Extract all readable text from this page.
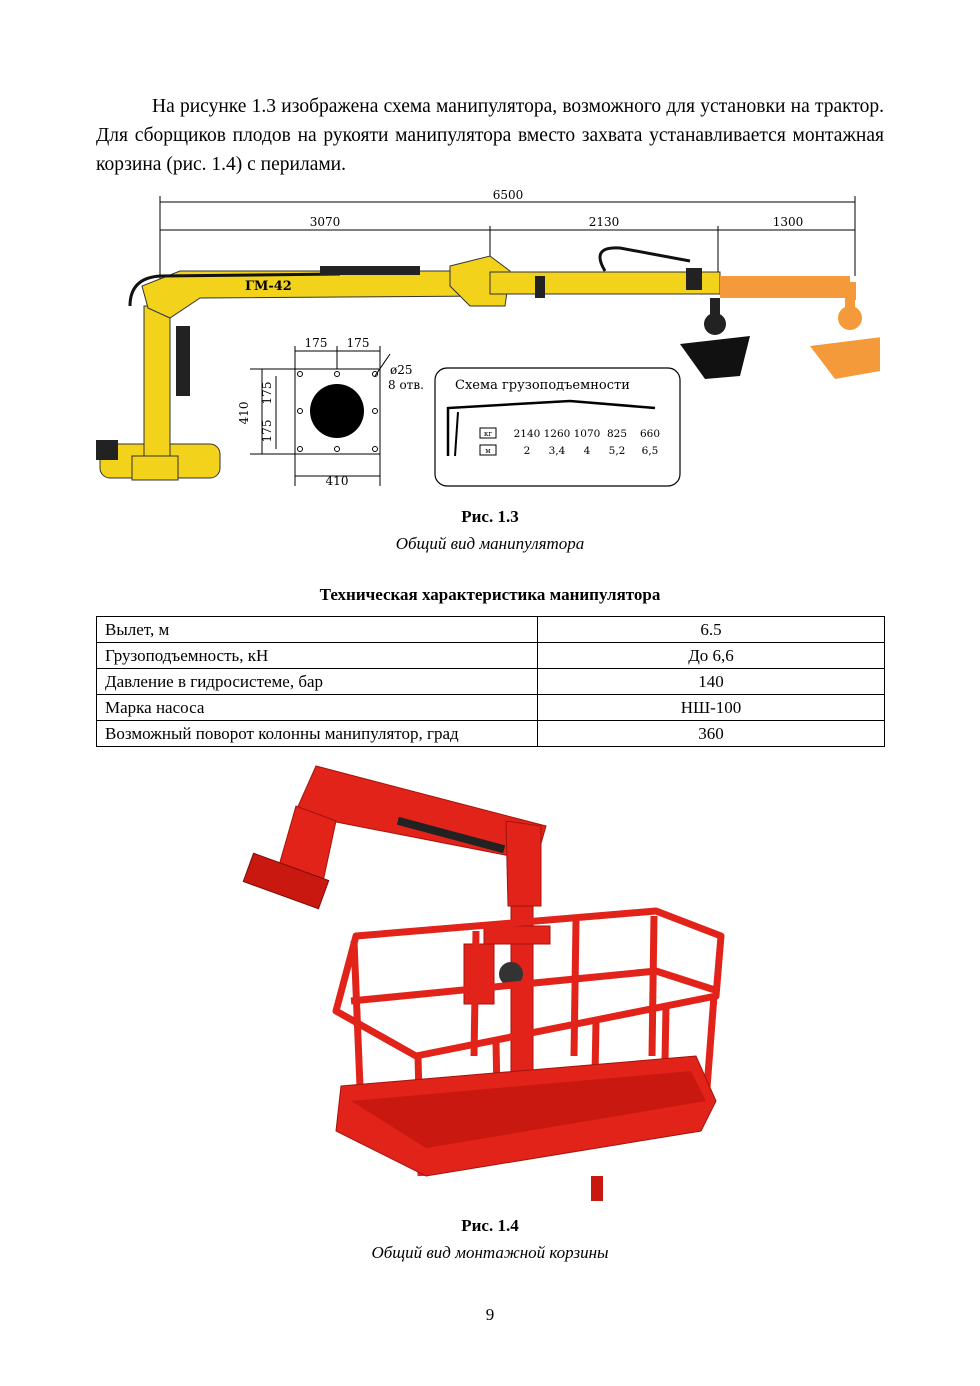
На рисунке 1.3 изображена схема манипулятора, возможного для установки на трактор. Для сборщиков плодов на рукояти манипулятора вместо захвата устанавливается монтажная корзина (рис. 1.4) с перилами.

6500
3070	2130	1300
ГМ-42
175 175
410
175
175
410
ø25
8 отв. Схема грузоподъемности
кг
м
2140 1260 1070 825 660
2 3,4 4 5,2 6,5
Рис. 1.3
Общий вид манипулятора
Техническая характеристика манипулятора
Вылет, м	6.5
Грузоподъемность, кН	До 6,6
Давление в гидросистеме, бар	140
Марка насоса	НШ-100
Возможный поворот колонны манипулятор, град	360
Рис. 1.4
Общий вид монтажной корзины
9
